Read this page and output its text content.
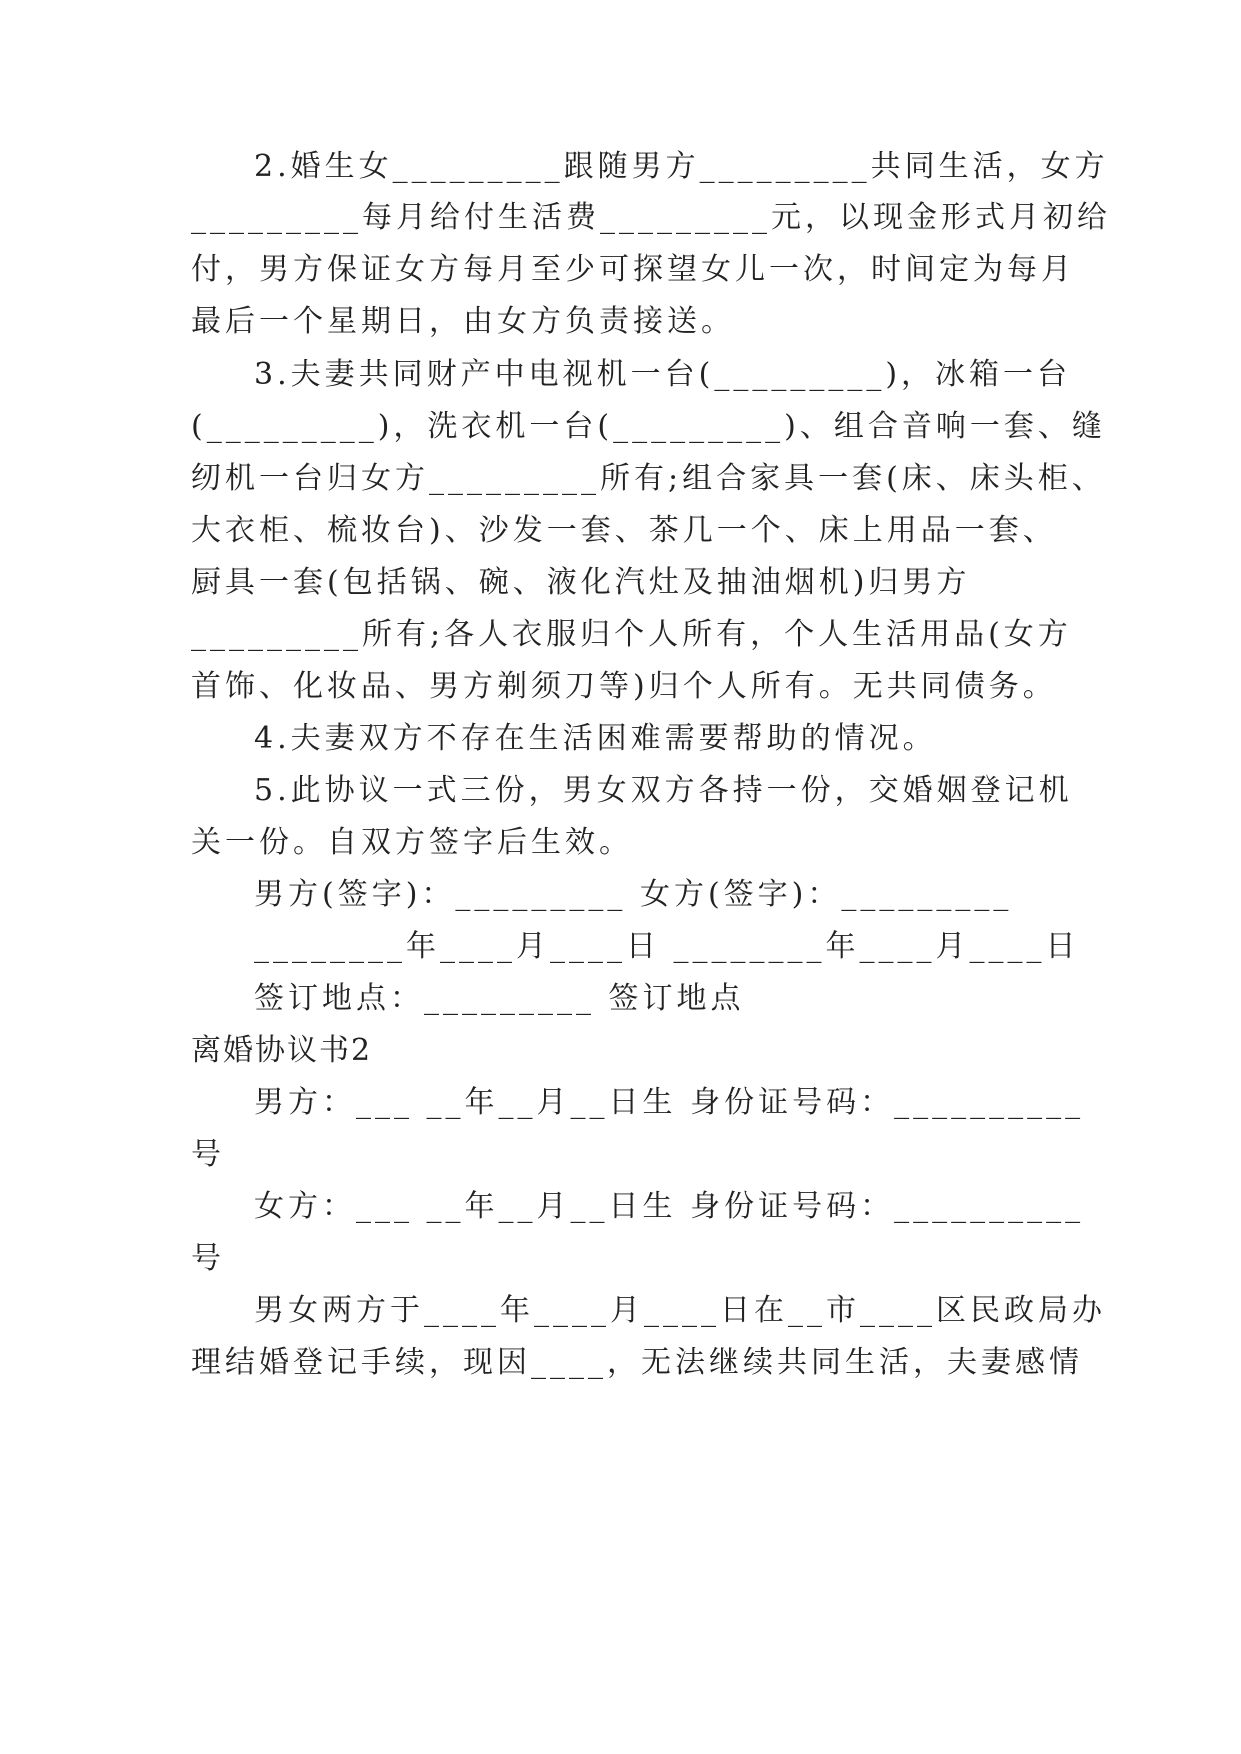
2.婚生女_________跟随男方_________共同生活，女方
_________每月给付生活费_________元，以现金形式月初给
付，男方保证女方每月至少可探望女儿一次，时间定为每月
最后一个星期日，由女方负责接送。
3.夫妻共同财产中电视机一台(_________)，冰箱一台
(_________)，洗衣机一台(_________)、组合音响一套、缝
纫机一台归女方_________所有;组合家具一套(床、床头柜、
大衣柜、梳妆台)、沙发一套、茶几一个、床上用品一套、
厨具一套(包括锅、碗、液化汽灶及抽油烟机)归男方
_________所有;各人衣服归个人所有，个人生活用品(女方
首饰、化妆品、男方剃须刀等)归个人所有。无共同债务。
4.夫妻双方不存在生活困难需要帮助的情况。
5.此协议一式三份，男女双方各持一份，交婚姻登记机
关一份。自双方签字后生效。
男方(签字)：_________ 女方(签字)：_________
________年____月____日 ________年____月____日
签订地点：_________ 签订地点
离婚协议书2
男方：___ __年__月__日生 身份证号码：__________
号
女方：___ __年__月__日生 身份证号码：__________
号
男女两方于____年____月____日在__市____区民政局办
理结婚登记手续，现因____，无法继续共同生活，夫妻感情
